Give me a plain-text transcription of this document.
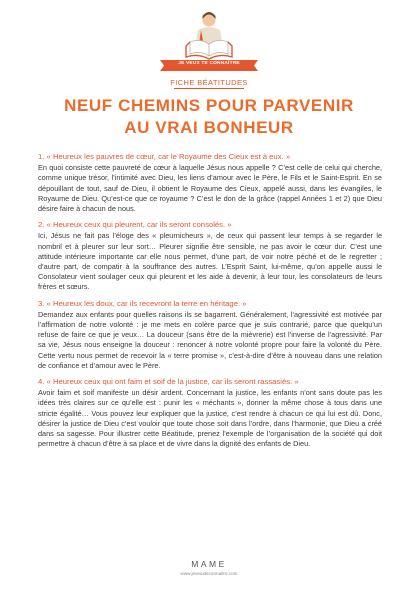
JE VEUX TE CONNAÎTRE
FICHE BÉATITUDES
NEUF CHEMINS POUR PARVENIR
AU VRAI BONHEUR
1. « Heureux les pauvres de cœur, car le Royaume des Cieux est à eux. »

En quoi consiste cette pauvreté de cœur à laquelle Jésus nous appelle ? C’est celle de celui qui cherche, comme unique trésor, l’intimité avec Dieu, les liens d’amour avec le Père, le Fils et le Saint-Esprit. En se dépouillant de tout, sauf de Dieu, il obtient le Royaume des Cieux, appelé aussi, dans les évangiles, le Royaume de Dieu. Qu’est-ce que ce royaume ? C’est le don de la grâce (rappel Années 1 et 2) que Dieu désire faire à chacun de nous.

2. « Heureux ceux qui pleurent, car ils seront consolés. »

Ici, Jésus ne fait pas l’éloge des « pleurnicheurs », de ceux qui passent leur temps à se regarder le nombril et à pleurer sur leur sort… Pleurer signifie être sensible, ne pas avoir le cœur dur. C’est une attitude intérieure importante car elle nous permet, d’une part, de voir notre péché et de le regretter ; d’autre part, de compatir à la souffrance des autres. L’Esprit Saint, lui-même, qu’on appelle aussi le Consolateur vient soulager ceux qui pleurent et les aide à devenir, à leur tour, les consolateurs de leurs frères et sœurs.

3. « Heureux les doux, car ils recevront la terre en héritage. »

Demandez aux enfants pour quelles raisons ils se bagarrent. Généralement, l’agressivité est motivée par l’affirmation de notre volonté : je me mets en colère parce que je suis contrarié, parce que quelqu’un refuse de faire ce que je veux… La douceur (sans être de la mièvrerie) est l’inverse de l’agressivité. Par sa vie, Jésus nous enseigne la douceur : renoncer à notre volonté propre pour faire la volonté du Père. Cette vertu nous permet de recevoir la « terre promise », c’est-à-dire d’être à nouveau dans une relation de confiance et d’amour avec le Père.

4. « Heureux ceux qui ont faim et soif de la justice, car ils seront rassasiés. »

Avoir faim et soif manifeste un désir ardent. Concernant la justice, les enfants n’ont sans doute pas les idées très claires sur ce qu’elle est : punir les « méchants », donner la même chose à tous dans une stricte égalité… Vous pouvez leur expliquer que la justice, c’est rendre à chacun ce qui lui est dû. Donc, désirer la justice de Dieu c’est vouloir que toute chose soit dans l’ordre, dans l’harmonie, que Dieu a créé dans sa sagesse. Pour illustrer cette Béatitude, prenez l’exemple de l’organisation de la société qui doit permettre à chacun d’être à sa place et de vivre dans la dignité des enfants de Dieu.

MAME
www.jeveuxteconnaitre.com
